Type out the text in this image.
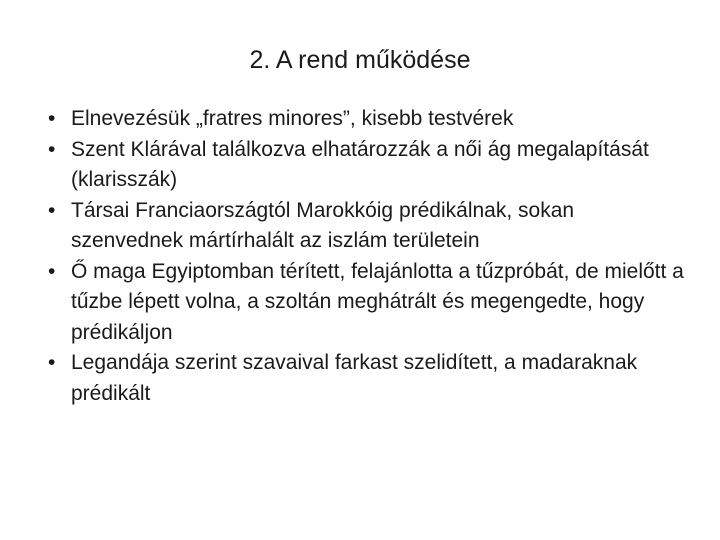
2. A rend működése
• Elnevezésük „fratres minores”, kisebb testvérek
• Szent Klárával találkozva elhatározzák a női ág megalapítását (klarisszák)
• Társai Franciaországtól Marokkóig prédikálnak, sokan szenvednek mártírhalált az iszlám területein
• Ő maga Egyiptomban térített, felajánlotta a tűzpróbát, de mielőtt a tűzbe lépett volna, a szoltán meghátrált és megengedte, hogy prédikáljon
• Legandája szerint szavaival farkast szelidített, a madaraknak prédikált
